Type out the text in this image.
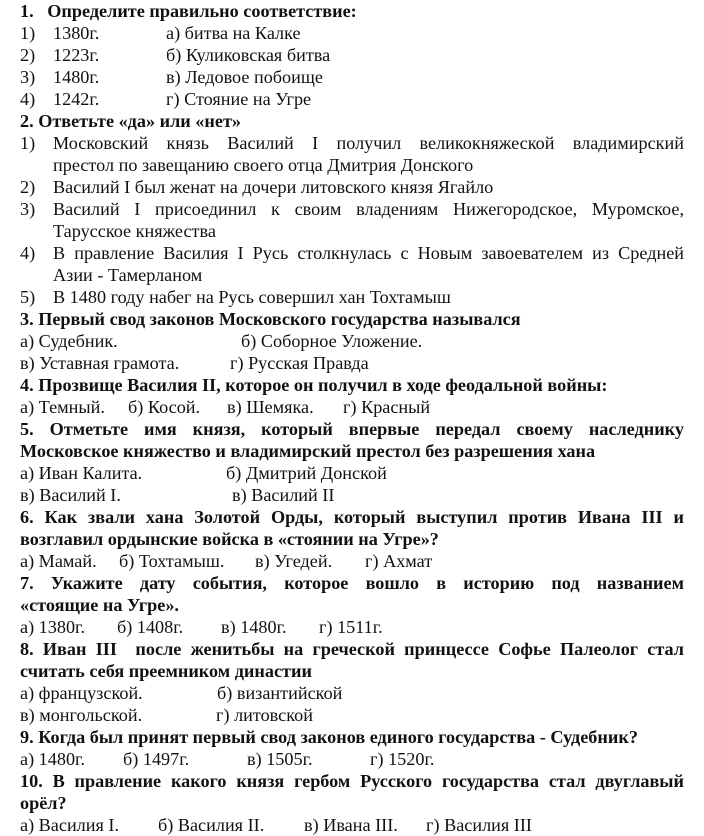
1.   Определите правильно соответствие:
1) 1380г.	а) битва на Калке
2) 1223г.	б) Куликовская битва
3) 1480г.	в) Ледовое побоище
4) 1242г.	г) Стояние на Угре
2. Ответьте «да» или «нет»
1) Московский князь Василий I получил великокняжеской владимирский
престол по завещанию своего отца Дмитрия Донского
2) Василий I был женат на дочери литовского князя Ягайло
3) Василий I присоединил к своим владениям Нижегородское, Муромское,
Тарусское княжества
4) В правление Василия I Русь столкнулась с Новым завоевателем из Средней
Азии - Тамерланом
5) В 1480 году набег на Русь совершил хан Тохтамыш
3. Первый свод законов Московского государства назывался
а) Судебник.	б) Соборное Уложение.
в) Уставная грамота.	г) Русская Правда
4. Прозвище Василия II, которое он получил в ходе феодальной войны:
а) Темный. б) Косой. в) Шемяка. г) Красный
5. Отметьте имя князя, который впервые передал своему наследнику
Московское княжество и владимирский престол без разрешения хана
а) Иван Калита.	б) Дмитрий Донской
в) Василий I.	в) Василий II
6. Как звали хана Золотой Орды, который выступил против Ивана III и
возглавил ордынские войска в «стоянии на Угре»?
а) Мамай. б) Тохтамыш. в) Угедей. г) Ахмат
7. Укажите дату события, которое вошло в историю под названием
«стоящие на Угре».
а) 1380г. б) 1408г. в) 1480г. г) 1511г.
8. Иван III  после женитьбы на греческой принцессе Софье Палеолог стал
считать себя преемником династии
а) французской.	б) византийской
в) монгольской.	г) литовской
9. Когда был принят первый свод законов единого государства - Судебник?
а) 1480г. б) 1497г.	в) 1505г.	г) 1520г.
10. В правление какого князя гербом Русского государства стал двуглавый
орёл?
а) Василия I. б) Василия II. в) Ивана III. г) Василия III
